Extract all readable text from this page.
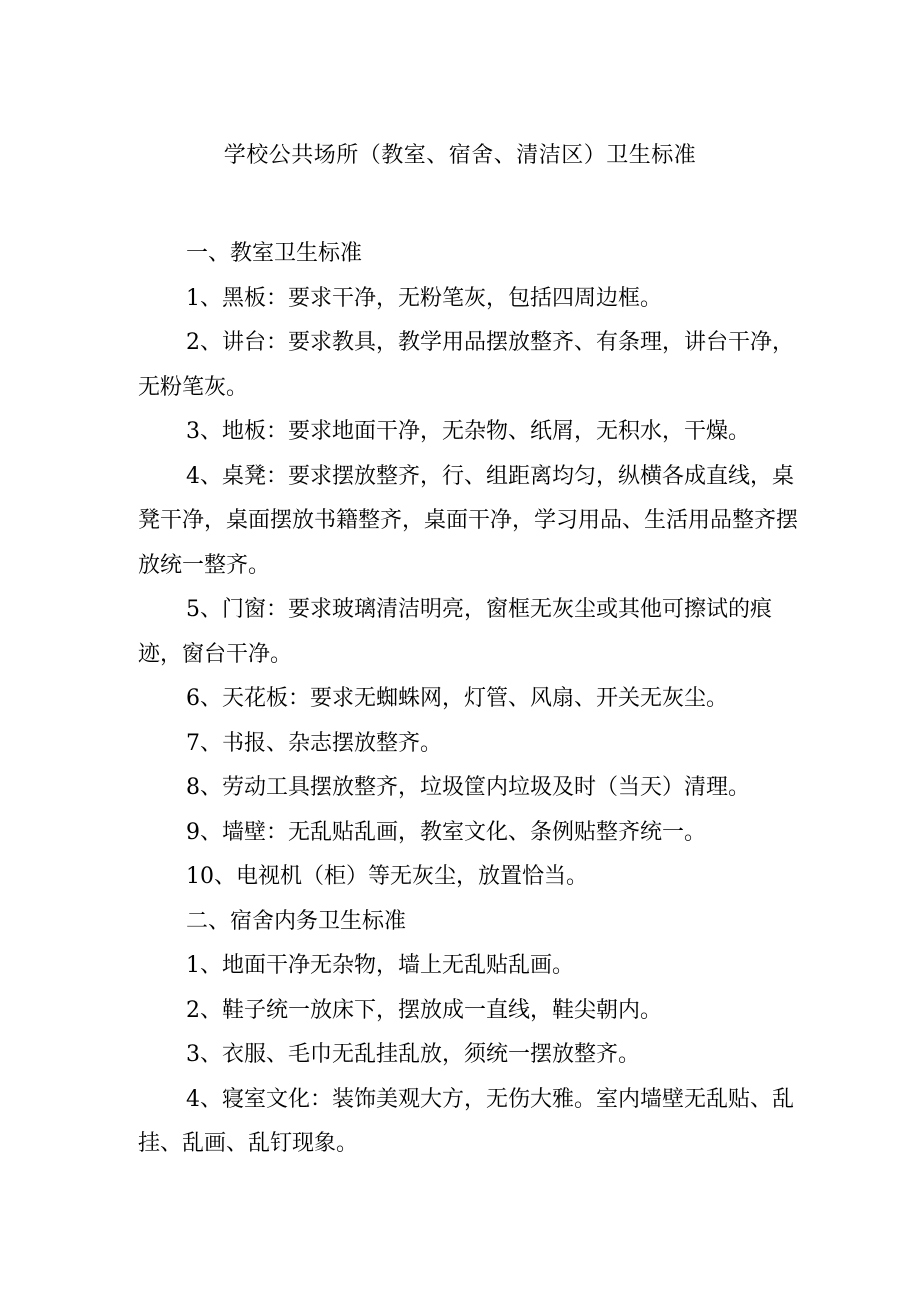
学校公共场所（教室、宿舍、清洁区）卫生标准

一、教室卫生标准

1、黑板：要求干净，无粉笔灰，包括四周边框。

2、讲台：要求教具，教学用品摆放整齐、有条理，讲台干净，无粉笔灰。

3、地板：要求地面干净，无杂物、纸屑，无积水，干燥。

4、桌凳：要求摆放整齐，行、组距离均匀，纵横各成直线，桌凳干净，桌面摆放书籍整齐，桌面干净，学习用品、生活用品整齐摆放统一整齐。

5、门窗：要求玻璃清洁明亮，窗框无灰尘或其他可擦试的痕迹，窗台干净。

6、天花板：要求无蜘蛛网，灯管、风扇、开关无灰尘。

7、书报、杂志摆放整齐。

8、劳动工具摆放整齐，垃圾筐内垃圾及时（当天）清理。

9、墙壁：无乱贴乱画，教室文化、条例贴整齐统一。

10、电视机（柜）等无灰尘，放置恰当。

二、宿舍内务卫生标准

1、地面干净无杂物，墙上无乱贴乱画。

2、鞋子统一放床下，摆放成一直线，鞋尖朝内。

3、衣服、毛巾无乱挂乱放，须统一摆放整齐。

4、寝室文化：装饰美观大方，无伤大雅。室内墙壁无乱贴、乱挂、乱画、乱钉现象。
